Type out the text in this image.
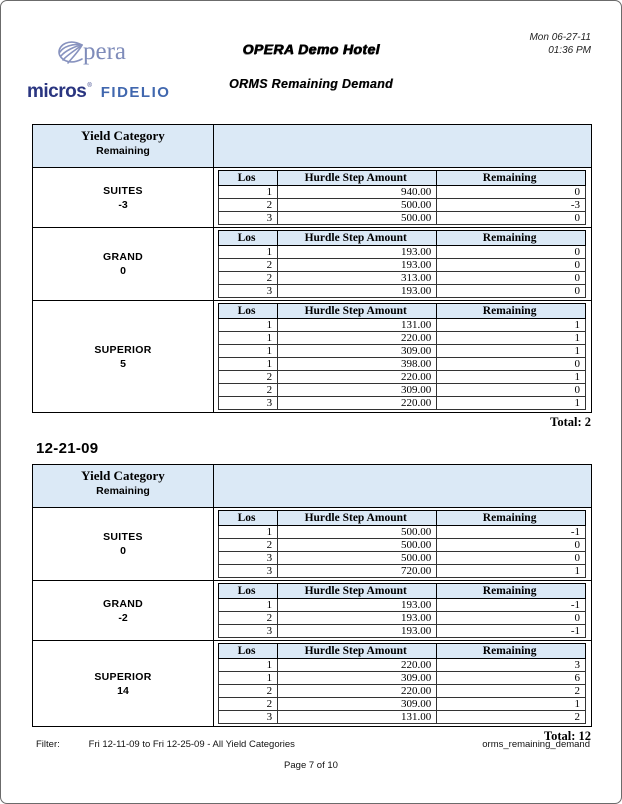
pera
micros ® FIDELIO
OPERA Demo Hotel
ORMS Remaining Demand
Mon 06-27-11
01:36 PM
Yield Category
Remaining

SUITES
-3

Los	Hurdle Step Amount	Remaining
1	940.00	0
2	500.00	-3
3	500.00	0

GRAND
0

Los	Hurdle Step Amount	Remaining
1	193.00	0
2	193.00	0
2	313.00	0
3	193.00	0

SUPERIOR
5

Los	Hurdle Step Amount	Remaining
1	131.00	1
1	220.00	1
1	309.00	1
1	398.00	0
2	220.00	1
2	309.00	0
3	220.00	1
Total: 2
12-21-09
Yield Category
Remaining

SUITES
0

Los	Hurdle Step Amount	Remaining
1	500.00	-1
2	500.00	0
3	500.00	0
3	720.00	1

GRAND
-2

Los	Hurdle Step Amount	Remaining
1	193.00	-1
2	193.00	0
3	193.00	-1

SUPERIOR
14

Los	Hurdle Step Amount	Remaining
1	220.00	3
1	309.00	6
2	220.00	2
2	309.00	1
3	131.00	2
Total: 12
Filter:	Fri 12-11-09 to Fri 12-25-09 - All Yield Categories	orms_remaining_demand
Page 7 of 10
